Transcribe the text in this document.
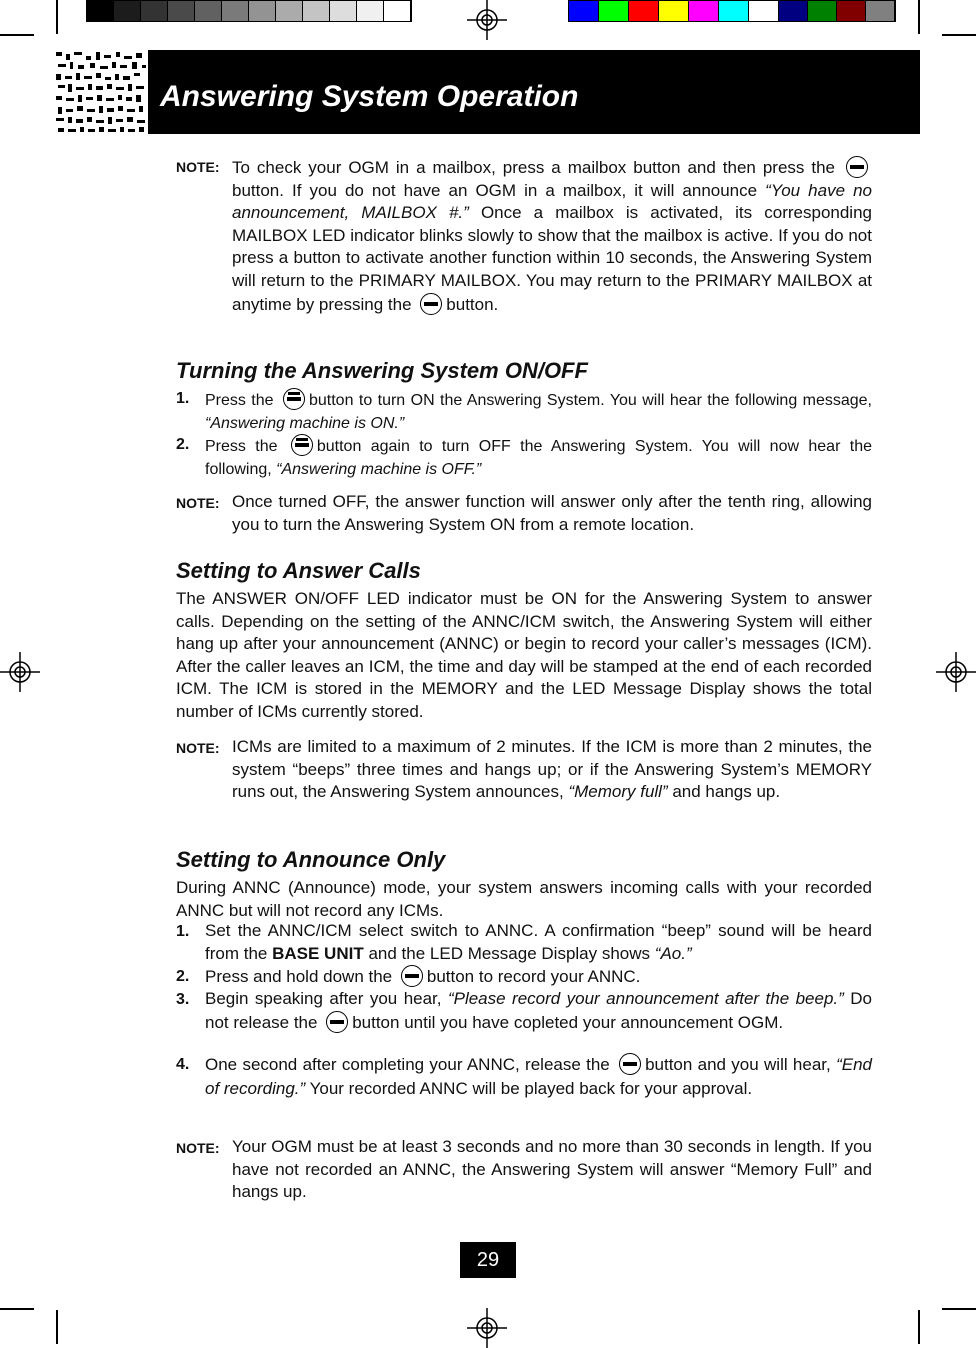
Answering System Operation
NOTE: To check your OGM in a mailbox, press a mailbox button and then press the button. If you do not have an OGM in a mailbox, it will announce “You have no announcement, MAILBOX #.” Once a mailbox is activated, its corresponding MAILBOX LED indicator blinks slowly to show that the mailbox is active. If you do not press a button to activate another function within 10 seconds, the Answering System will return to the PRIMARY MAILBOX. You may return to the PRIMARY MAILBOX at anytime by pressing the button.

Turning the Answering System ON/OFF
1. Press the button to turn ON the Answering System. You will hear the following message, “Answering machine is ON.”

2. Press the button again to turn OFF the Answering System. You will now hear the following, “Answering machine is OFF.”

NOTE: Once turned OFF, the answer function will answer only after the tenth ring, allowing you to turn the Answering System ON from a remote location.

Setting to Answer Calls

The ANSWER ON/OFF LED indicator must be ON for the Answering System to answer calls. Depending on the setting of the ANNC/ICM switch, the Answering System will either hang up after your announcement (ANNC) or begin to record your caller’s messages (ICM). After the caller leaves an ICM, the time and day will be stamped at the end of each recorded ICM. The ICM is stored in the MEMORY and the LED Message Display shows the total number of ICMs currently stored.

NOTE: ICMs are limited to a maximum of 2 minutes. If the ICM is more than 2 minutes, the system “beeps” three times and hangs up; or if the Answering System’s MEMORY runs out, the Answering System announces, “Memory full” and hangs up.

Setting to Announce Only

During ANNC (Announce) mode, your system answers incoming calls with your recorded ANNC but will not record any ICMs.

1. Set the ANNC/ICM select switch to ANNC. A confirmation “beep” sound will be heard from the BASE UNIT and the LED Message Display shows “Ao.”

2. Press and hold down the button to record your ANNC.

3. Begin speaking after you hear, “Please record your announcement after the beep.” Do not release the button until you have copleted your announcement OGM.

4. One second after completing your ANNC, release the button and you will hear, “End of recording.” Your recorded ANNC will be played back for your approval.

NOTE: Your OGM must be at least 3 seconds and no more than 30 seconds in length. If you have not recorded an ANNC, the Answering System will answer “Memory Full” and hangs up.

29
